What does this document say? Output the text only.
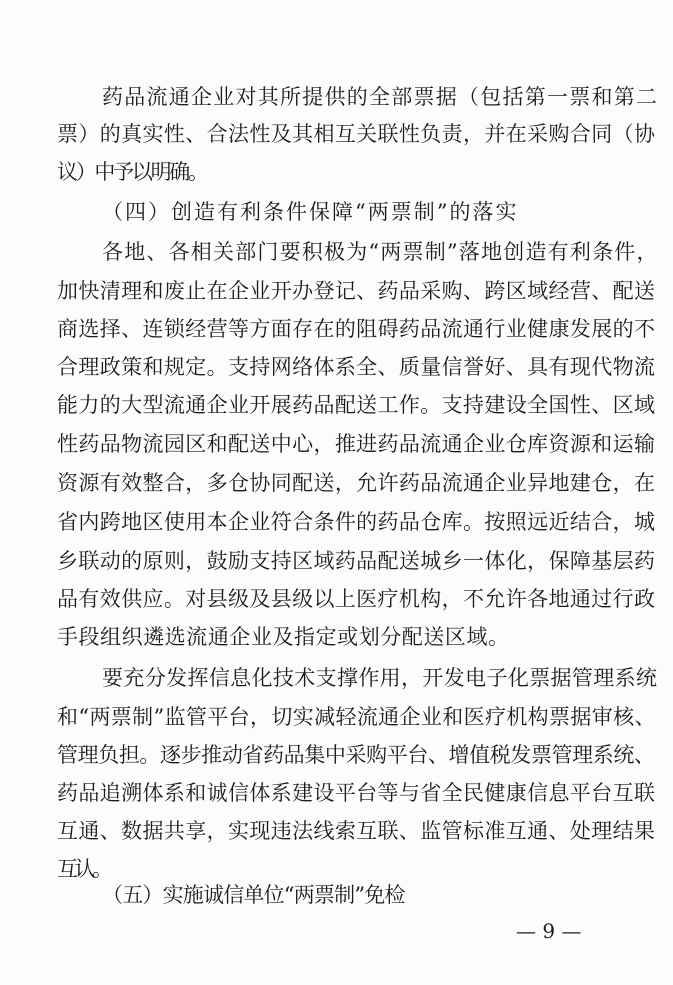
药品流通企业对其所提供的全部票据（包括第一票和第二
票）的真实性、合法性及其相互关联性负责，并在采购合同（协
议）中予以明确。
（四）创造有利条件保障“两票制”的落实
各地、各相关部门要积极为“两票制”落地创造有利条件，
加快清理和废止在企业开办登记、药品采购、跨区域经营、配送
商选择、连锁经营等方面存在的阻碍药品流通行业健康发展的不
合理政策和规定。支持网络体系全、质量信誉好、具有现代物流
能力的大型流通企业开展药品配送工作。支持建设全国性、区域
性药品物流园区和配送中心，推进药品流通企业仓库资源和运输
资源有效整合，多仓协同配送，允许药品流通企业异地建仓，在
省内跨地区使用本企业符合条件的药品仓库。按照远近结合，城
乡联动的原则，鼓励支持区域药品配送城乡一体化，保障基层药
品有效供应。对县级及县级以上医疗机构，不允许各地通过行政
手段组织遴选流通企业及指定或划分配送区域。
要充分发挥信息化技术支撑作用，开发电子化票据管理系统
和“两票制”监管平台，切实减轻流通企业和医疗机构票据审核、
管理负担。逐步推动省药品集中采购平台、增值税发票管理系统、
药品追溯体系和诚信体系建设平台等与省全民健康信息平台互联
互通、数据共享，实现违法线索互联、监管标准互通、处理结果
互认。
（五）实施诚信单位“两票制”免检
— 9 —
